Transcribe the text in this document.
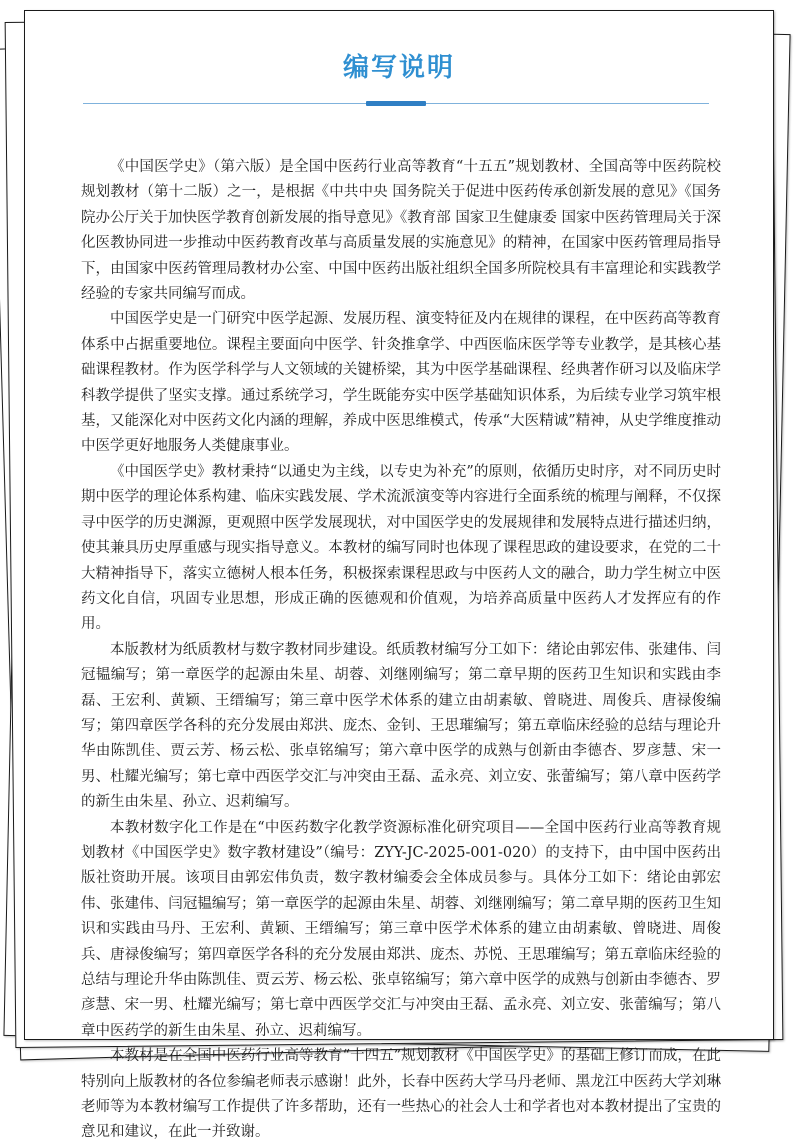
编写说明

《中国医学史》（第六版）是全国中医药行业高等教育“十五五”规划教材、全国高等中医药院校规划教材（第十二版）之一，是根据《中共中央 国务院关于促进中医药传承创新发展的意见》《国务院办公厅关于加快医学教育创新发展的指导意见》《教育部 国家卫生健康委 国家中医药管理局关于深化医教协同进一步推动中医药教育改革与高质量发展的实施意见》的精神，在国家中医药管理局指导下，由国家中医药管理局教材办公室、中国中医药出版社组织全国多所院校具有丰富理论和实践教学经验的专家共同编写而成。

中国医学史是一门研究中医学起源、发展历程、演变特征及内在规律的课程，在中医药高等教育体系中占据重要地位。课程主要面向中医学、针灸推拿学、中西医临床医学等专业教学，是其核心基础课程教材。作为医学科学与人文领域的关键桥梁，其为中医学基础课程、经典著作研习以及临床学科教学提供了坚实支撑。通过系统学习，学生既能夯实中医学基础知识体系，为后续专业学习筑牢根基，又能深化对中医药文化内涵的理解，养成中医思维模式，传承“大医精诚”精神，从史学维度推动中医学更好地服务人类健康事业。

《中国医学史》教材秉持“以通史为主线，以专史为补充”的原则，依循历史时序，对不同历史时期中医学的理论体系构建、临床实践发展、学术流派演变等内容进行全面系统的梳理与阐释，不仅探寻中医学的历史渊源，更观照中医学发展现状，对中国医学史的发展规律和发展特点进行描述归纳，使其兼具历史厚重感与现实指导意义。本教材的编写同时也体现了课程思政的建设要求，在党的二十大精神指导下，落实立德树人根本任务，积极探索课程思政与中医药人文的融合，助力学生树立中医药文化自信，巩固专业思想，形成正确的医德观和价值观，为培养高质量中医药人才发挥应有的作用。

本版教材为纸质教材与数字教材同步建设。纸质教材编写分工如下：绪论由郭宏伟、张建伟、闫冠韫编写；第一章医学的起源由朱星、胡蓉、刘继刚编写；第二章早期的医药卫生知识和实践由李磊、王宏利、黄颖、王缙编写；第三章中医学术体系的建立由胡素敏、曾晓进、周俊兵、唐禄俊编写；第四章医学各科的充分发展由郑洪、庞杰、金钊、王思璀编写；第五章临床经验的总结与理论升华由陈凯佳、贾云芳、杨云松、张卓铭编写；第六章中医学的成熟与创新由李德杏、罗彦慧、宋一男、杜耀光编写；第七章中西医学交汇与冲突由王磊、孟永亮、刘立安、张蕾编写；第八章中医药学的新生由朱星、孙立、迟莉编写。

本教材数字化工作是在“中医药数字化教学资源标准化研究项目——全国中医药行业高等教育规划教材《中国医学史》数字教材建设”（编号：ZYY-JC-2025-001-020）的支持下，由中国中医药出版社资助开展。该项目由郭宏伟负责，数字教材编委会全体成员参与。具体分工如下：绪论由郭宏伟、张建伟、闫冠韫编写；第一章医学的起源由朱星、胡蓉、刘继刚编写；第二章早期的医药卫生知识和实践由马丹、王宏利、黄颖、王缙编写；第三章中医学术体系的建立由胡素敏、曾晓进、周俊兵、唐禄俊编写；第四章医学各科的充分发展由郑洪、庞杰、苏悦、王思璀编写；第五章临床经验的总结与理论升华由陈凯佳、贾云芳、杨云松、张卓铭编写；第六章中医学的成熟与创新由李德杏、罗彦慧、宋一男、杜耀光编写；第七章中西医学交汇与冲突由王磊、孟永亮、刘立安、张蕾编写；第八章中医药学的新生由朱星、孙立、迟莉编写。

本教材是在全国中医药行业高等教育“十四五”规划教材《中国医学史》的基础上修订而成，在此特别向上版教材的各位参编老师表示感谢！此外，长春中医药大学马丹老师、黑龙江中医药大学刘琳老师等为本教材编写工作提供了许多帮助，还有一些热心的社会人士和学者也对本教材提出了宝贵的意见和建议，在此一并致谢。
